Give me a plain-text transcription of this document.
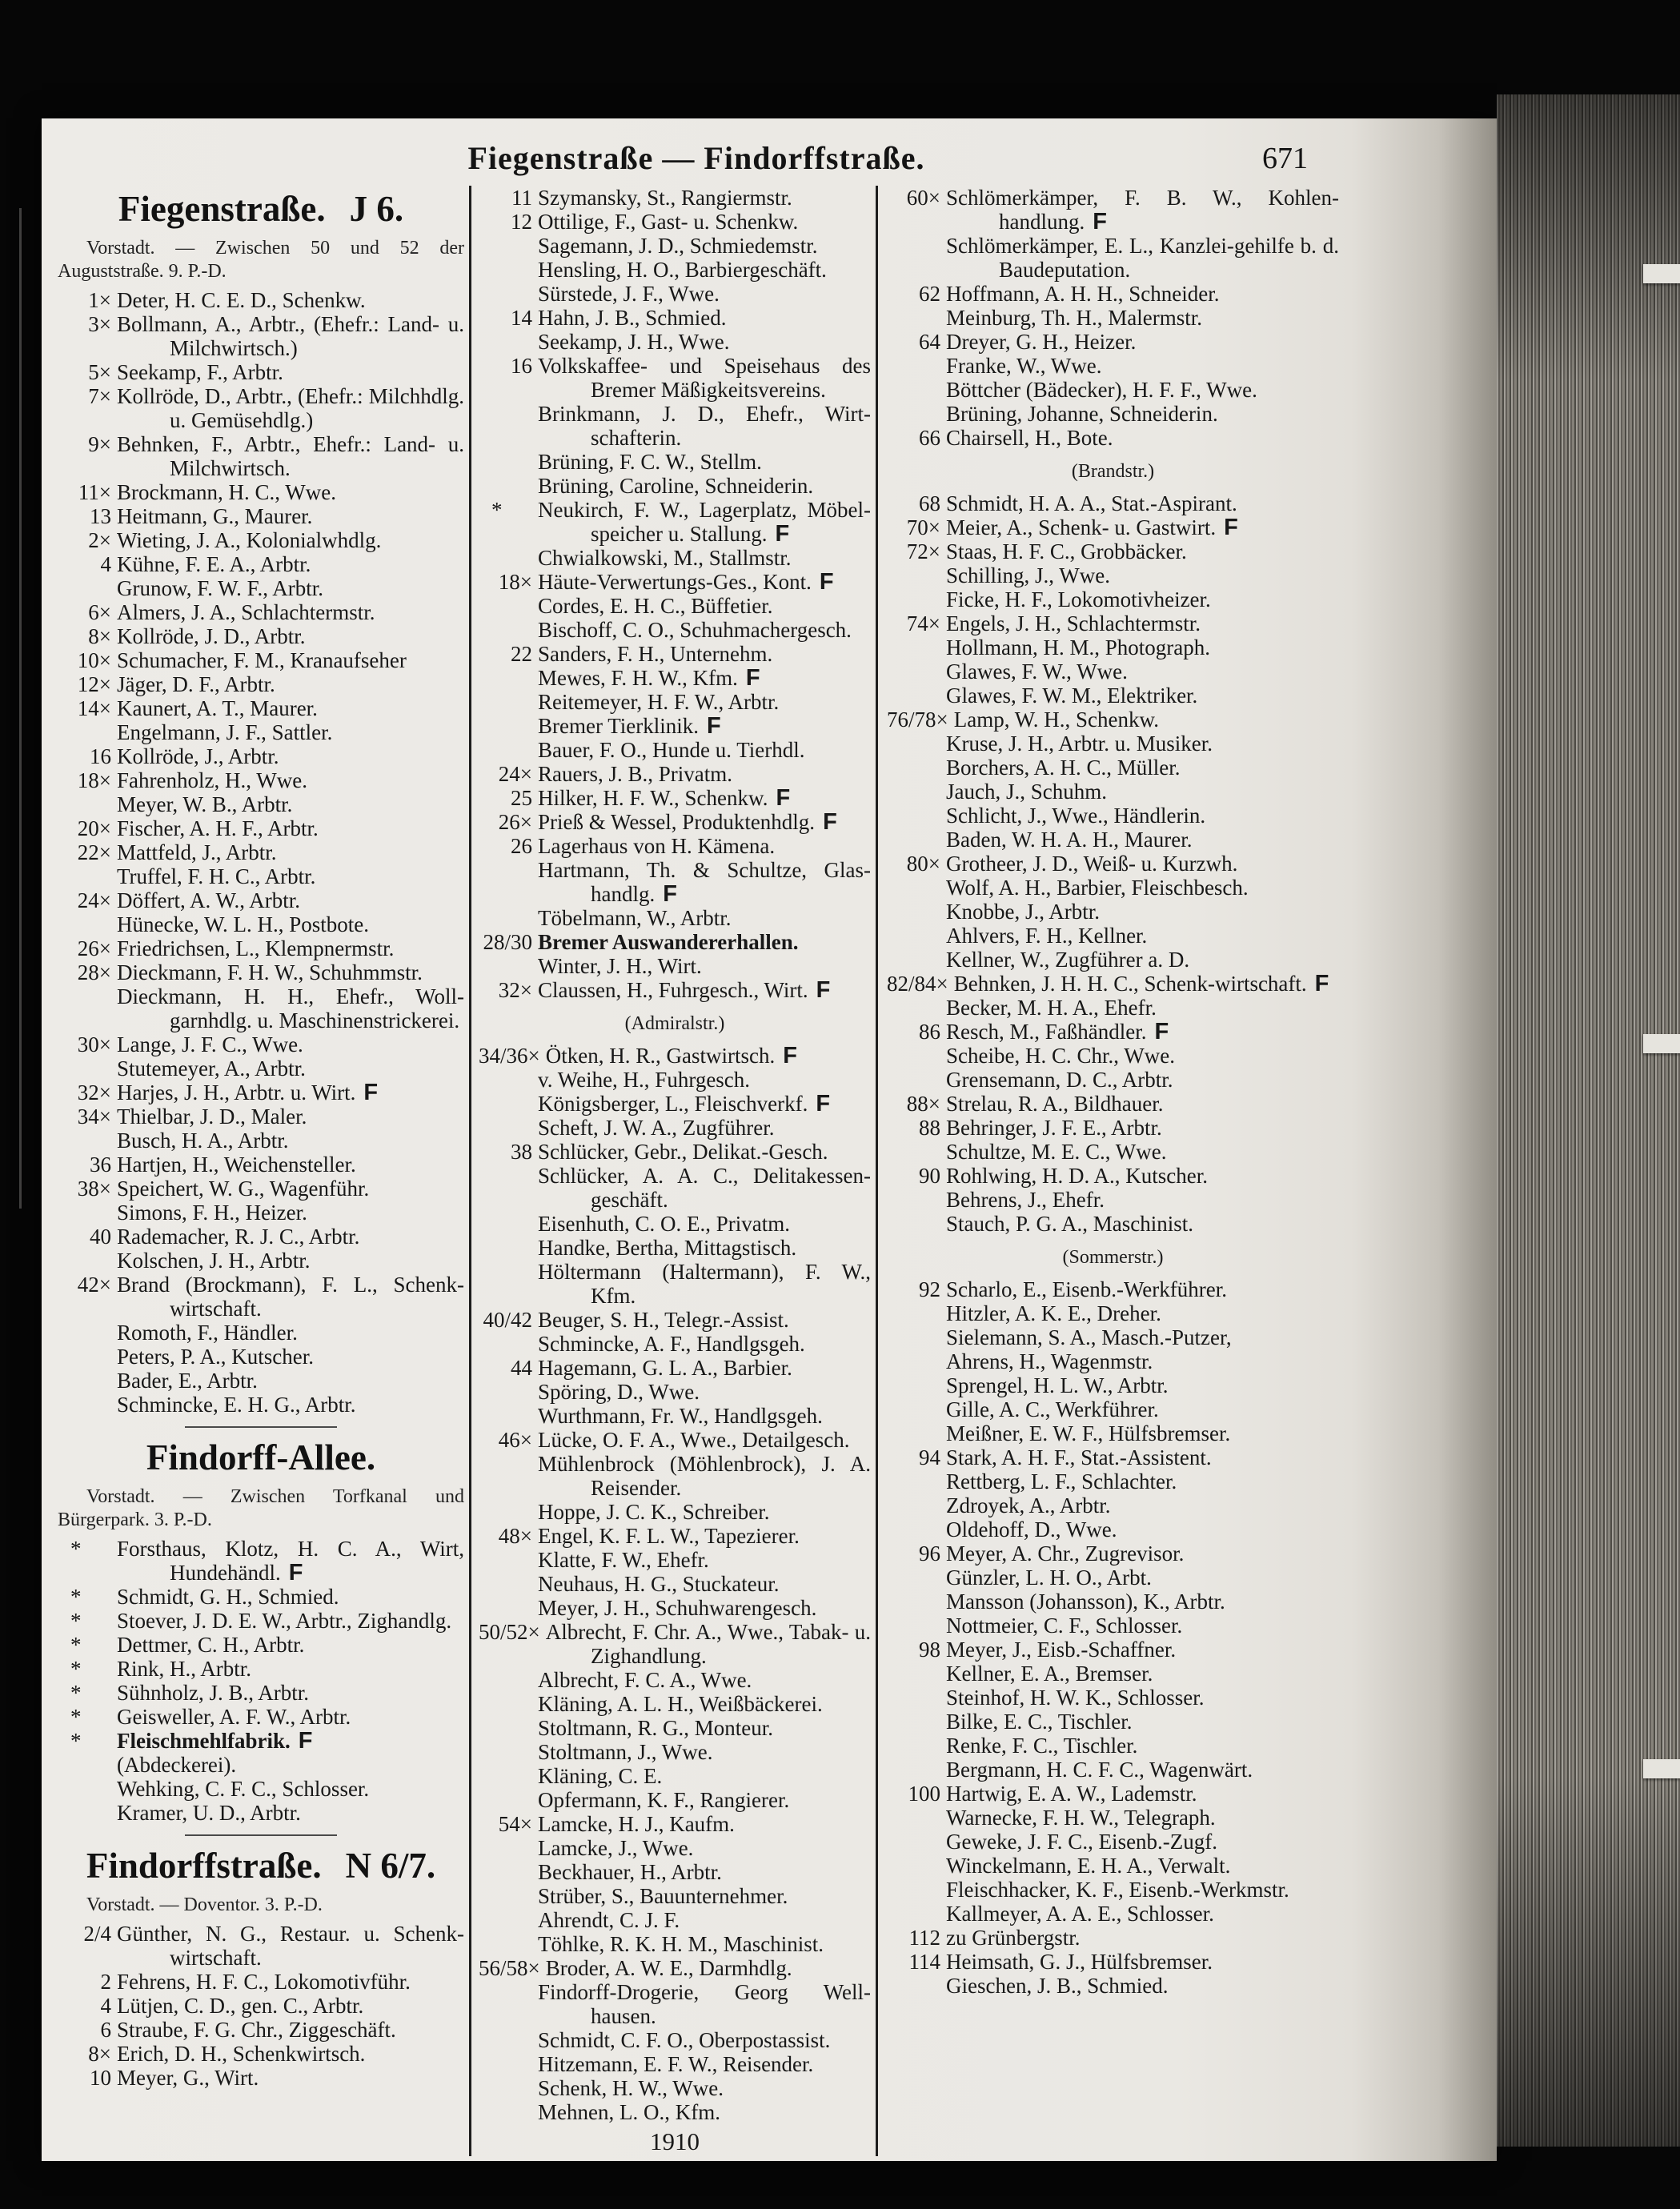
Fiegenstraße — Findorffstraße.	671
Fiegenstraße. J 6.

Vorstadt. — Zwischen 50 und 52 der Auguststraße. 9. P.-D.

1× Deter, H. C. E. D., Schenkw.
3× Bollmann, A., Arbtr., (Ehefr.: Land- u. Milchwirtsch.)
5× Seekamp, F., Arbtr.
7× Kollröde, D., Arbtr., (Ehefr.: Milchhdlg. u. Gemüsehdlg.)
9× Behnken, F., Arbtr., Ehefr.: Land- u. Milchwirtsch.
11× Brockmann, H. C., Wwe.
13 Heitmann, G., Maurer.
2× Wieting, J. A., Kolonialwhdlg.
4 Kühne, F. E. A., Arbtr.
Grunow, F. W. F., Arbtr.
6× Almers, J. A., Schlachtermstr.
8× Kollröde, J. D., Arbtr.
10× Schumacher, F. M., Kranaufseher
12× Jäger, D. F., Arbtr.
14× Kaunert, A. T., Maurer.
Engelmann, J. F., Sattler.
16 Kollröde, J., Arbtr.
18× Fahrenholz, H., Wwe.
Meyer, W. B., Arbtr.
20× Fischer, A. H. F., Arbtr.
22× Mattfeld, J., Arbtr.
Truffel, F. H. C., Arbtr.
24× Döffert, A. W., Arbtr.
Hünecke, W. L. H., Postbote.
26× Friedrichsen, L., Klempnermstr.
28× Dieckmann, F. H. W., Schuhmmstr.
Dieckmann, H. H., Ehefr., Woll-garnhdlg. u. Maschinenstrickerei.
30× Lange, J. F. C., Wwe.
Stutemeyer, A., Arbtr.
32× Harjes, J. H., Arbtr. u. Wirt. F
34× Thielbar, J. D., Maler.
Busch, H. A., Arbtr.
36 Hartjen, H., Weichensteller.
38× Speichert, W. G., Wagenführ.
Simons, F. H., Heizer.
40 Rademacher, R. J. C., Arbtr.
Kolschen, J. H., Arbtr.
42× Brand (Brockmann), F. L., Schenk-wirtschaft.
Romoth, F., Händler.
Peters, P. A., Kutscher.
Bader, E., Arbtr.
Schmincke, E. H. G., Arbtr.
Findorff-Allee.

Vorstadt. — Zwischen Torfkanal und Bürgerpark. 3. P.-D.

* Forsthaus, Klotz, H. C. A., Wirt, Hundehändl. F
* Schmidt, G. H., Schmied.
* Stoever, J. D. E. W., Arbtr., Zighandlg.
* Dettmer, C. H., Arbtr.
* Rink, H., Arbtr.
* Sühnholz, J. B., Arbtr.
* Geisweller, A. F. W., Arbtr.
* Fleischmehlfabrik. F
(Abdeckerei).
Wehking, C. F. C., Schlosser.
Kramer, U. D., Arbtr.
Findorffstraße. N 6/7.

Vorstadt. — Doventor. 3. P.-D.

2/4 Günther, N. G., Restaur. u. Schenk-wirtschaft.
2 Fehrens, H. F. C., Lokomotivführ.
4 Lütjen, C. D., gen. C., Arbtr.
6 Straube, F. G. Chr., Ziggeschäft.
8× Erich, D. H., Schenkwirtsch.
10 Meyer, G., Wirt.
11 Szymansky, St., Rangiermstr.
12 Ottilige, F., Gast- u. Schenkw.
Sagemann, J. D., Schmiedemstr.
Hensling, H. O., Barbiergeschäft.
Sürstede, J. F., Wwe.
14 Hahn, J. B., Schmied.
Seekamp, J. H., Wwe.
16 Volkskaffee- und Speisehaus des Bremer Mäßigkeitsvereins.
Brinkmann, J. D., Ehefr., Wirt-schafterin.
Brüning, F. C. W., Stellm.
Brüning, Caroline, Schneiderin.
* Neukirch, F. W., Lagerplatz, Möbel-speicher u. Stallung. F
Chwialkowski, M., Stallmstr.
18× Häute-Verwertungs-Ges., Kont. F
Cordes, E. H. C., Büffetier.
Bischoff, C. O., Schuhmachergesch.
22 Sanders, F. H., Unternehm.
Mewes, F. H. W., Kfm. F
Reitemeyer, H. F. W., Arbtr.
Bremer Tierklinik. F
Bauer, F. O., Hunde u. Tierhdl.
24× Rauers, J. B., Privatm.
25 Hilker, H. F. W., Schenkw. F
26× Prieß & Wessel, Produktenhdlg. F
26 Lagerhaus von H. Kämena.
Hartmann, Th. & Schultze, Glas-handlg. F
Töbelmann, W., Arbtr.
28/30 Bremer Auswandererhallen.
Winter, J. H., Wirt.
32× Claussen, H., Fuhrgesch., Wirt. F
(Admiralstr.)
34/36× Ötken, H. R., Gastwirtsch. F
v. Weihe, H., Fuhrgesch.
Königsberger, L., Fleischverkf. F
Scheft, J. W. A., Zugführer.
38 Schlücker, Gebr., Delikat.-Gesch.
Schlücker, A. A. C., Delitakessen-geschäft.
Eisenhuth, C. O. E., Privatm.
Handke, Bertha, Mittagstisch.
Höltermann (Haltermann), F. W., Kfm.
40/42 Beuger, S. H., Telegr.-Assist.
Schmincke, A. F., Handlgsgeh.
44 Hagemann, G. L. A., Barbier.
Spöring, D., Wwe.
Wurthmann, Fr. W., Handlgsgeh.
46× Lücke, O. F. A., Wwe., Detailgesch.
Mühlenbrock (Möhlenbrock), J. A. Reisender.
Hoppe, J. C. K., Schreiber.
48× Engel, K. F. L. W., Tapezierer.
Klatte, F. W., Ehefr.
Neuhaus, H. G., Stuckateur.
Meyer, J. H., Schuhwarengesch.
50/52× Albrecht, F. Chr. A., Wwe., Tabak- u. Zighandlung.
Albrecht, F. C. A., Wwe.
Kläning, A. L. H., Weißbäckerei.
Stoltmann, R. G., Monteur.
Stoltmann, J., Wwe.
Kläning, C. E.
Opfermann, K. F., Rangierer.
54× Lamcke, H. J., Kaufm.
Lamcke, J., Wwe.
Beckhauer, H., Arbtr.
Strüber, S., Bauunternehmer.
Ahrendt, C. J. F.
Töhlke, R. K. H. M., Maschinist.
56/58× Broder, A. W. E., Darmhdlg.
Findorff-Drogerie, Georg Well-hausen.
Schmidt, C. F. O., Oberpostassist.
Hitzemann, E. F. W., Reisender.
Schenk, H. W., Wwe.
Mehnen, L. O., Kfm.
1910
60× Schlömerkämper, F. B. W., Kohlen-handlung. F
Schlömerkämper, E. L., Kanzlei-gehilfe b. d. Baudeputation.
62 Hoffmann, A. H. H., Schneider.
Meinburg, Th. H., Malermstr.
64 Dreyer, G. H., Heizer.
Franke, W., Wwe.
Böttcher (Bädecker), H. F. F., Wwe.
Brüning, Johanne, Schneiderin.
66 Chairsell, H., Bote.
(Brandstr.)
68 Schmidt, H. A. A., Stat.-Aspirant.
70× Meier, A., Schenk- u. Gastwirt. F
72× Staas, H. F. C., Grobbäcker.
Schilling, J., Wwe.
Ficke, H. F., Lokomotivheizer.
74× Engels, J. H., Schlachtermstr.
Hollmann, H. M., Photograph.
Glawes, F. W., Wwe.
Glawes, F. W. M., Elektriker.
76/78× Lamp, W. H., Schenkw.
Kruse, J. H., Arbtr. u. Musiker.
Borchers, A. H. C., Müller.
Jauch, J., Schuhm.
Schlicht, J., Wwe., Händlerin.
Baden, W. H. A. H., Maurer.
80× Grotheer, J. D., Weiß- u. Kurzwh.
Wolf, A. H., Barbier, Fleischbesch.
Knobbe, J., Arbtr.
Ahlvers, F. H., Kellner.
Kellner, W., Zugführer a. D.
82/84× Behnken, J. H. H. C., Schenk-wirtschaft. F
Becker, M. H. A., Ehefr.
86 Resch, M., Faßhändler. F
Scheibe, H. C. Chr., Wwe.
Grensemann, D. C., Arbtr.
88× Strelau, R. A., Bildhauer.
88 Behringer, J. F. E., Arbtr.
Schultze, M. E. C., Wwe.
90 Rohlwing, H. D. A., Kutscher.
Behrens, J., Ehefr.
Stauch, P. G. A., Maschinist.
(Sommerstr.)
92 Scharlo, E., Eisenb.-Werkführer.
Hitzler, A. K. E., Dreher.
Sielemann, S. A., Masch.-Putzer,
Ahrens, H., Wagenmstr.
Sprengel, H. L. W., Arbtr.
Gille, A. C., Werkführer.
Meißner, E. W. F., Hülfsbremser.
94 Stark, A. H. F., Stat.-Assistent.
Rettberg, L. F., Schlachter.
Zdroyek, A., Arbtr.
Oldehoff, D., Wwe.
96 Meyer, A. Chr., Zugrevisor.
Günzler, L. H. O., Arbt.
Mansson (Johansson), K., Arbtr.
Nottmeier, C. F., Schlosser.
98 Meyer, J., Eisb.-Schaffner.
Kellner, E. A., Bremser.
Steinhof, H. W. K., Schlosser.
Bilke, E. C., Tischler.
Renke, F. C., Tischler.
Bergmann, H. C. F. C., Wagenwärt.
100 Hartwig, E. A. W., Lademstr.
Warnecke, F. H. W., Telegraph.
Geweke, J. F. C., Eisenb.-Zugf.
Winckelmann, E. H. A., Verwalt.
Fleischhacker, K. F., Eisenb.-Werkmstr.
Kallmeyer, A. A. E., Schlosser.
112 zu Grünbergstr.
114 Heimsath, G. J., Hülfsbremser.
Gieschen, J. B., Schmied.
